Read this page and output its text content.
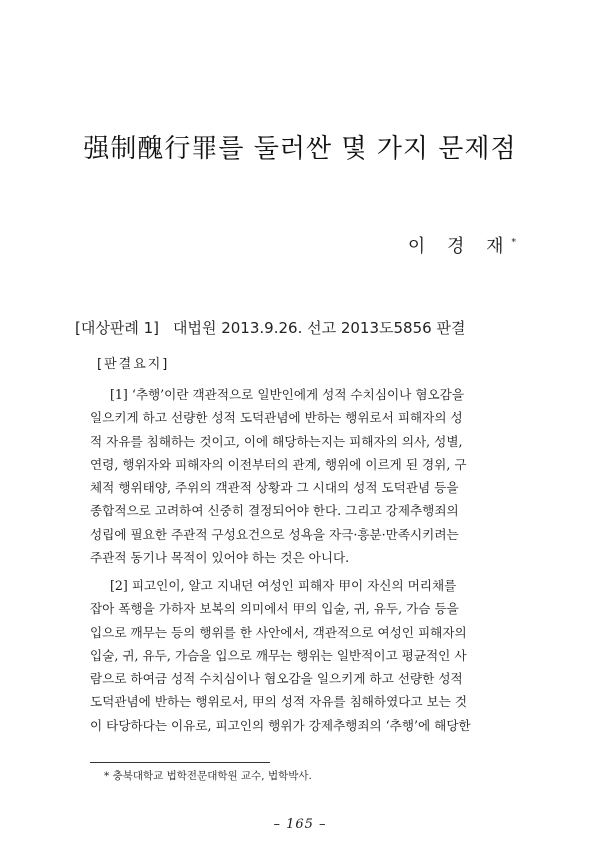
强制醜行罪를 둘러싼 몇 가지 문제점
이 경 재*
[대상판례 1] 대법원 2013.9.26. 선고 2013도5856 판결
[판결요지]
[1] ‘추행’이란 객관적으로 일반인에게 성적 수치심이나 혐오감을
일으키게 하고 선량한 성적 도덕관념에 반하는 행위로서 피해자의 성
적 자유를 침해하는 것이고, 이에 해당하는지는 피해자의 의사, 성별,
연령, 행위자와 피해자의 이전부터의 관계, 행위에 이르게 된 경위, 구
체적 행위태양, 주위의 객관적 상황과 그 시대의 성적 도덕관념 등을
종합적으로 고려하여 신중히 결정되어야 한다. 그리고 강제추행죄의
성립에 필요한 주관적 구성요건으로 성욕을 자극·흥분·만족시키려는
주관적 동기나 목적이 있어야 하는 것은 아니다.
[2] 피고인이, 알고 지내던 여성인 피해자 甲이 자신의 머리채를
잡아 폭행을 가하자 보복의 의미에서 甲의 입술, 귀, 유두, 가슴 등을
입으로 깨무는 등의 행위를 한 사안에서, 객관적으로 여성인 피해자의
입술, 귀, 유두, 가슴을 입으로 깨무는 행위는 일반적이고 평균적인 사
람으로 하여금 성적 수치심이나 혐오감을 일으키게 하고 선량한 성적
도덕관념에 반하는 행위로서, 甲의 성적 자유를 침해하였다고 보는 것
이 타당하다는 이유로, 피고인의 행위가 강제추행죄의 ‘추행’에 해당한
* 충북대학교 법학전문대학원 교수, 법학박사.
– 165 –
